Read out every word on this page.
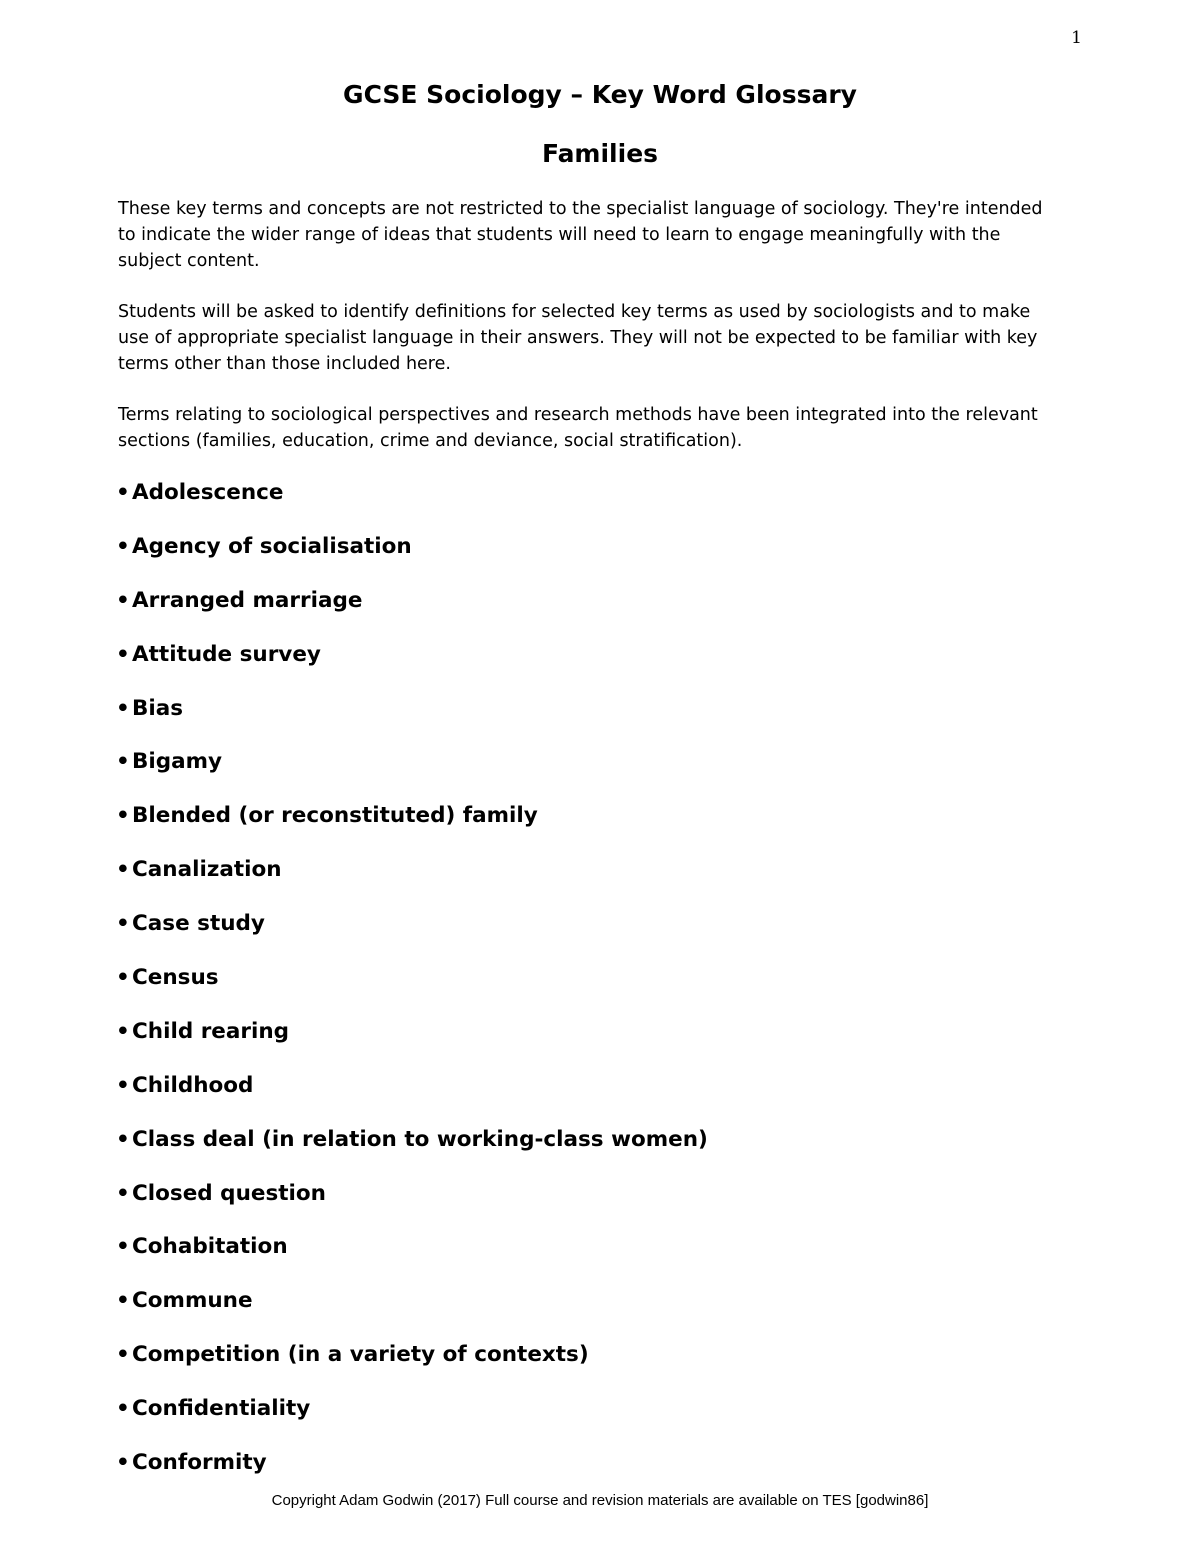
1
GCSE Sociology – Key Word Glossary
Families

These key terms and concepts are not restricted to the specialist language of sociology. They're intended to indicate the wider range of ideas that students will need to learn to engage meaningfully with the subject content.

Students will be asked to identify definitions for selected key terms as used by sociologists and to make use of appropriate specialist language in their answers. They will not be expected to be familiar with key terms other than those included here.

Terms relating to sociological perspectives and research methods have been integrated into the relevant sections (families, education, crime and deviance, social stratification).

• Adolescence
• Agency of socialisation
• Arranged marriage
• Attitude survey
• Bias
• Bigamy
• Blended (or reconstituted) family
• Canalization
• Case study
• Census
• Child rearing
• Childhood
• Class deal (in relation to working-class women)
• Closed question
• Cohabitation
• Commune
• Competition (in a variety of contexts)
• Confidentiality
• Conformity
Copyright Adam Godwin (2017) Full course and revision materials are available on TES [godwin86]
